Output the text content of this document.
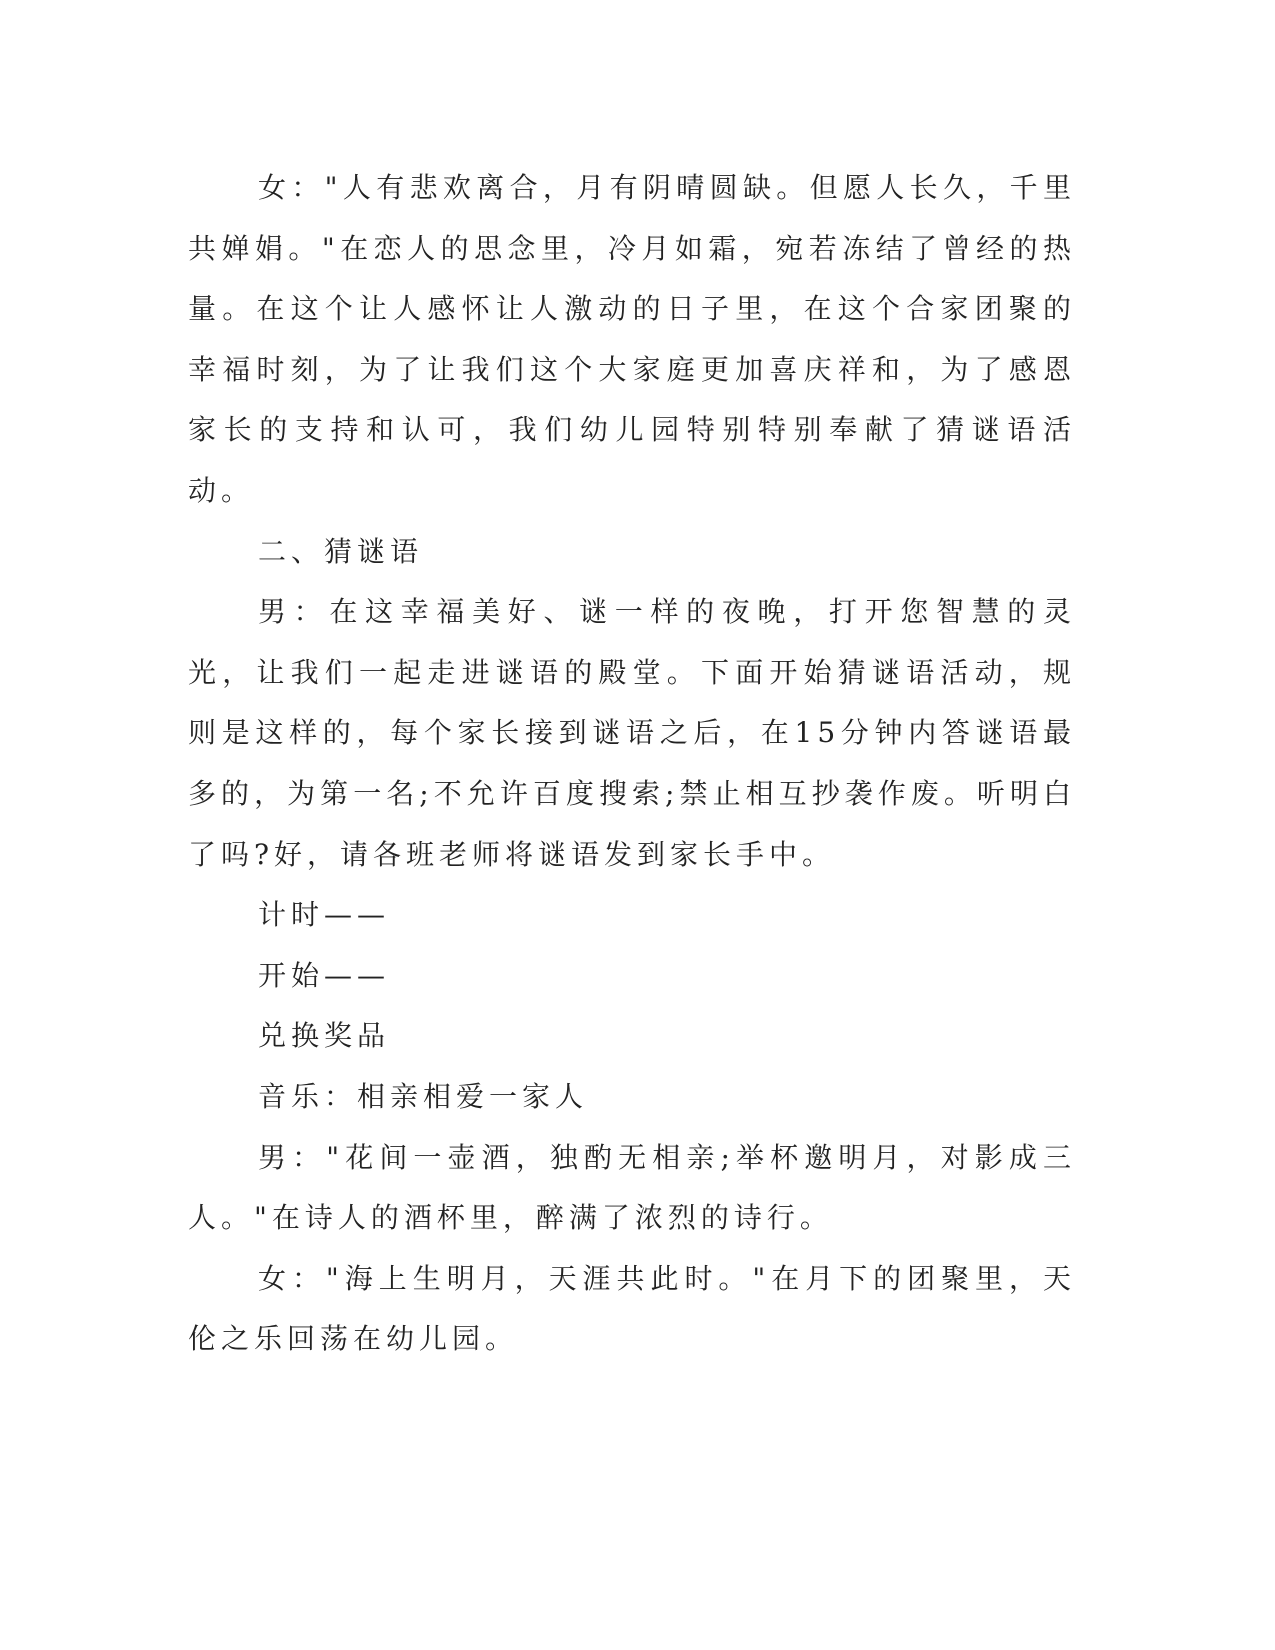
女："人有悲欢离合，月有阴晴圆缺。但愿人长久，千里共婵娟。"在恋人的思念里，冷月如霜，宛若冻结了曾经的热量。在这个让人感怀让人激动的日子里，在这个合家团聚的幸福时刻，为了让我们这个大家庭更加喜庆祥和，为了感恩家长的支持和认可，我们幼儿园特别特别奉献了猜谜语活动。

二、猜谜语

男：在这幸福美好、谜一样的夜晚，打开您智慧的灵光，让我们一起走进谜语的殿堂。下面开始猜谜语活动，规则是这样的，每个家长接到谜语之后，在15分钟内答谜语最多的，为第一名;不允许百度搜索;禁止相互抄袭作废。听明白了吗?好，请各班老师将谜语发到家长手中。

计时——

开始——

兑换奖品

音乐：相亲相爱一家人

男："花间一壶酒，独酌无相亲;举杯邀明月，对影成三人。"在诗人的酒杯里，醉满了浓烈的诗行。

女："海上生明月，天涯共此时。"在月下的团聚里，天伦之乐回荡在幼儿园。
